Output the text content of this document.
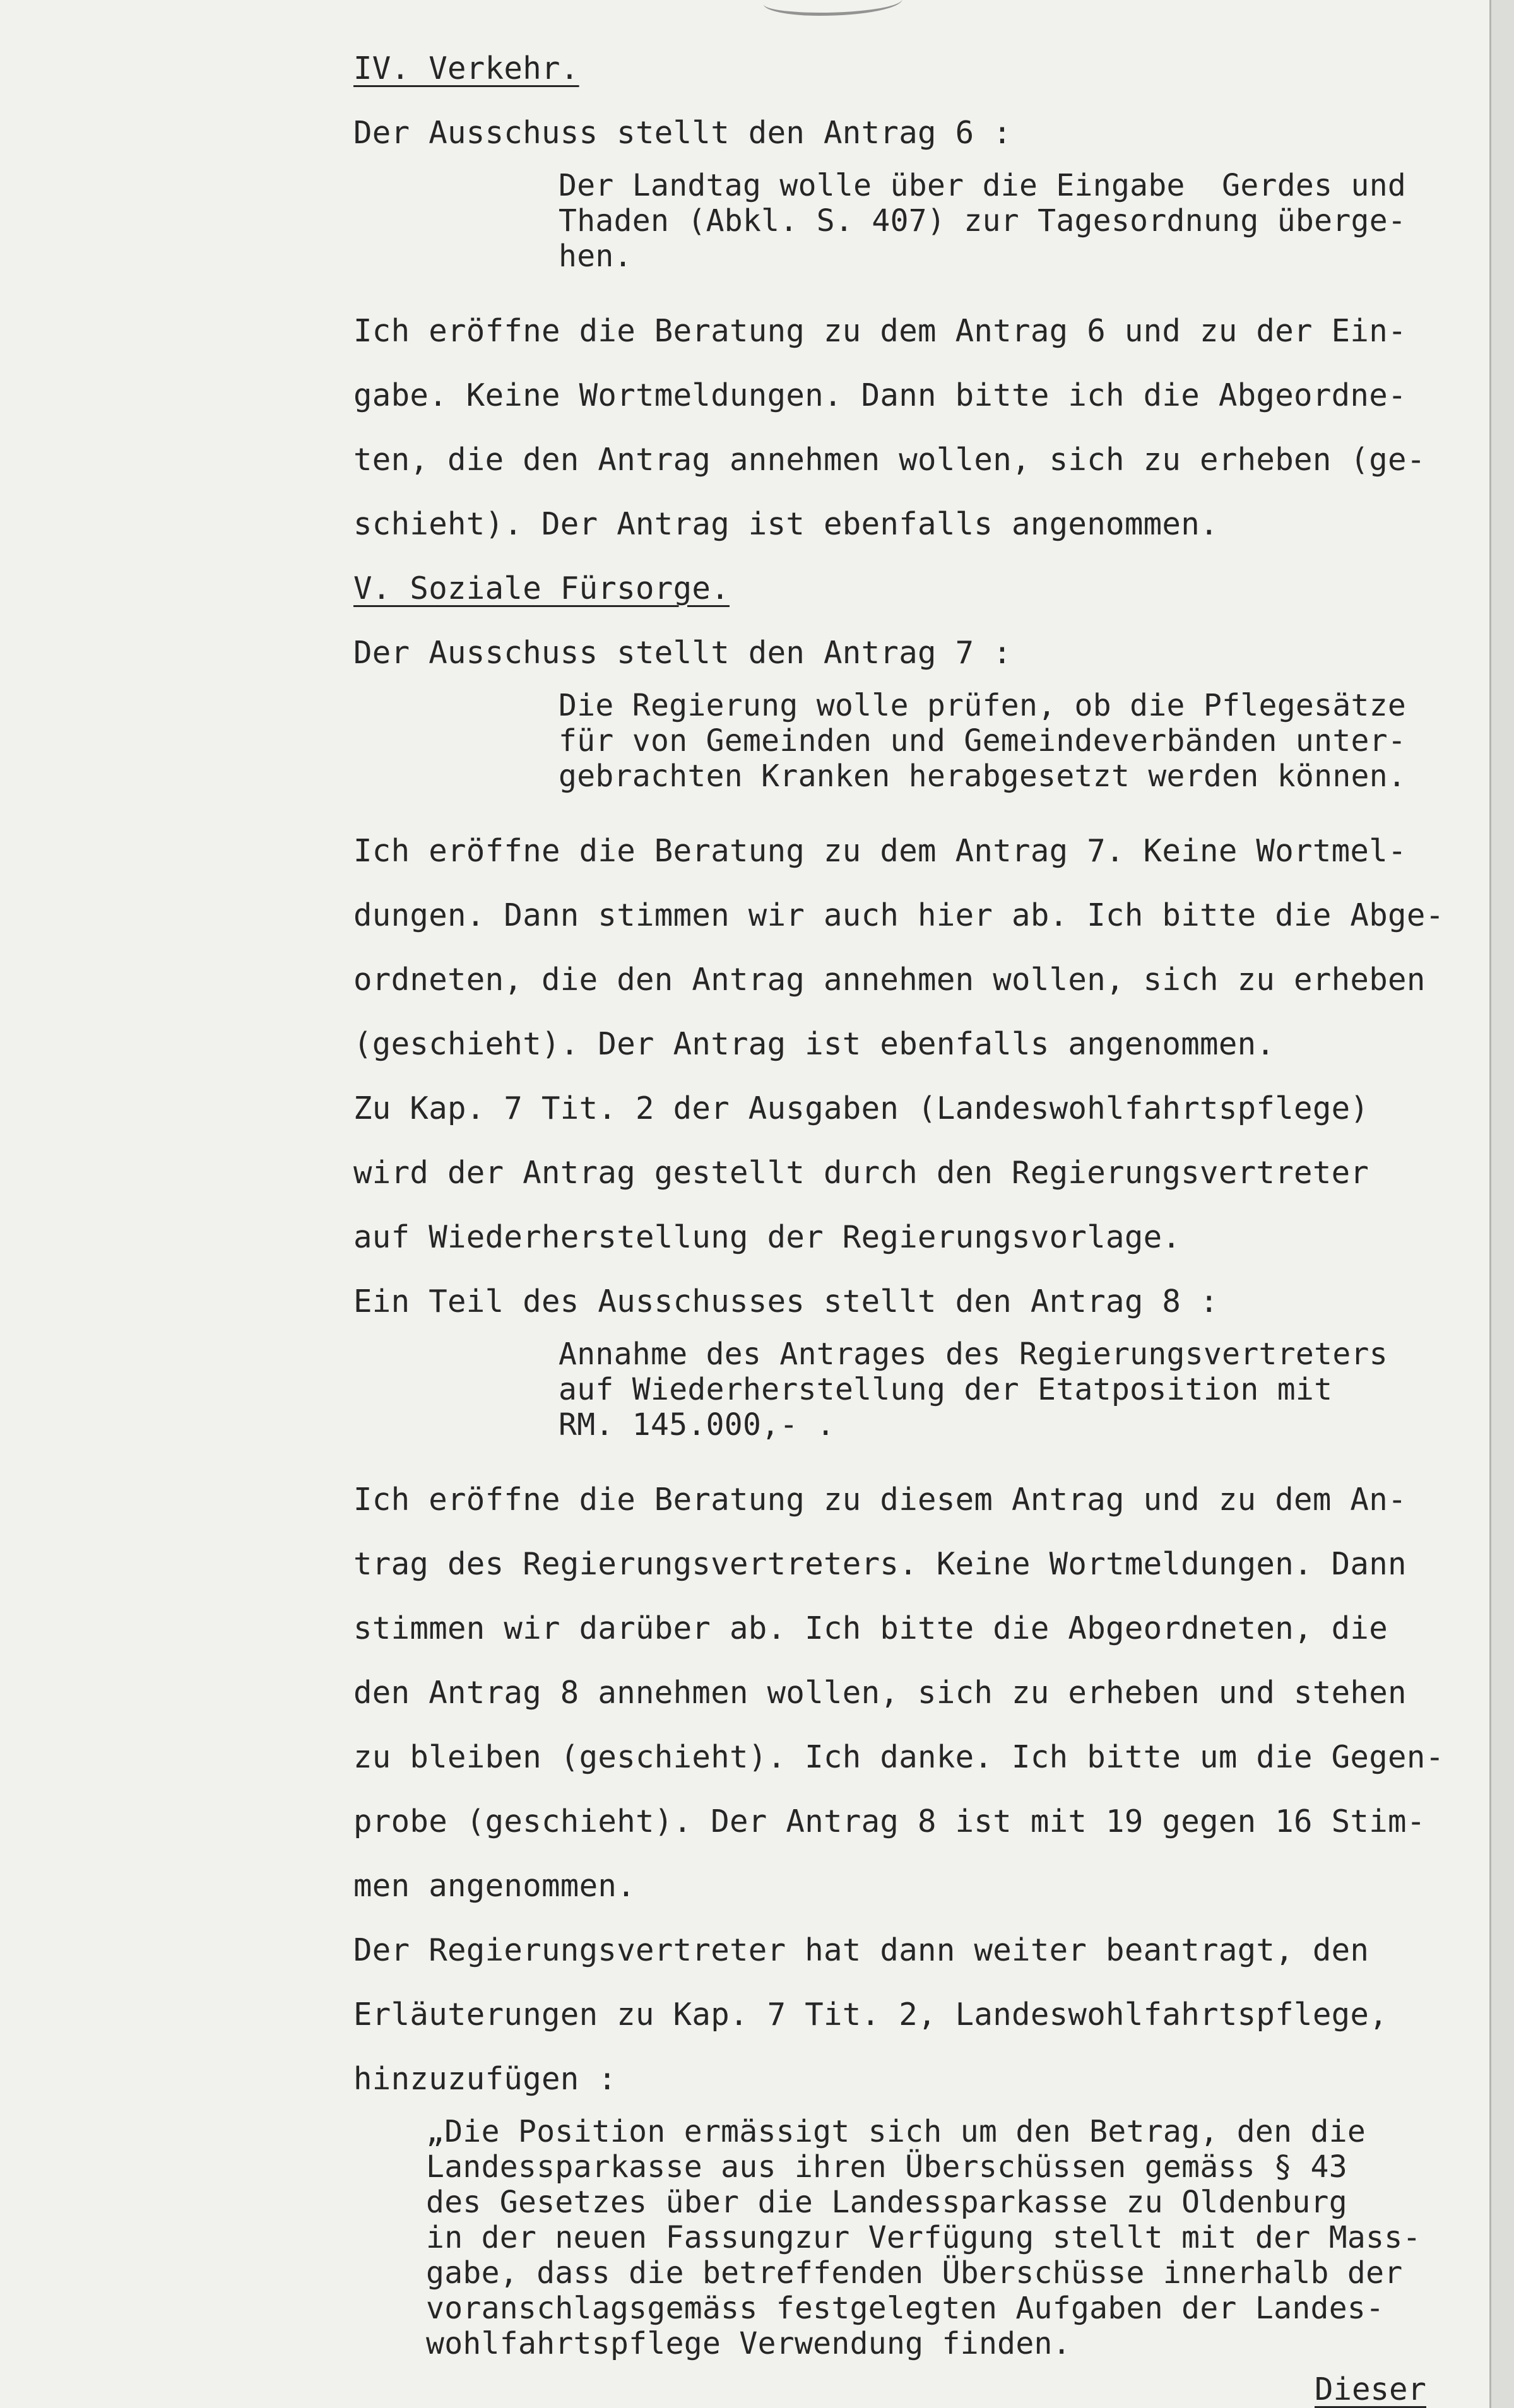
IV. Verkehr.
Der Ausschuss stellt den Antrag 6 :
Der Landtag wolle über die Eingabe  Gerdes und
Thaden (Abkl. S. 407) zur Tagesordnung überge-
hen.
Ich eröffne die Beratung zu dem Antrag 6 und zu der Ein-
gabe. Keine Wortmeldungen. Dann bitte ich die Abgeordne-
ten, die den Antrag annehmen wollen, sich zu erheben (ge-
schieht). Der Antrag ist ebenfalls angenommen.
V. Soziale Fürsorge.
Der Ausschuss stellt den Antrag 7 :
Die Regierung wolle prüfen, ob die Pflegesätze
für von Gemeinden und Gemeindeverbänden unter-
gebrachten Kranken herabgesetzt werden können.
Ich eröffne die Beratung zu dem Antrag 7. Keine Wortmel-
dungen. Dann stimmen wir auch hier ab. Ich bitte die Abge-
ordneten, die den Antrag annehmen wollen, sich zu erheben
(geschieht). Der Antrag ist ebenfalls angenommen.
Zu Kap. 7 Tit. 2 der Ausgaben (Landeswohlfahrtspflege)
wird der Antrag gestellt durch den Regierungsvertreter
auf Wiederherstellung der Regierungsvorlage.
Ein Teil des Ausschusses stellt den Antrag 8 :
Annahme des Antrages des Regierungsvertreters
auf Wiederherstellung der Etatposition mit
RM. 145.000,- .
Ich eröffne die Beratung zu diesem Antrag und zu dem An-
trag des Regierungsvertreters. Keine Wortmeldungen. Dann
stimmen wir darüber ab. Ich bitte die Abgeordneten, die
den Antrag 8 annehmen wollen, sich zu erheben und stehen
zu bleiben (geschieht). Ich danke. Ich bitte um die Gegen-
probe (geschieht). Der Antrag 8 ist mit 19 gegen 16 Stim-
men angenommen.
Der Regierungsvertreter hat dann weiter beantragt, den
Erläuterungen zu Kap. 7 Tit. 2, Landeswohlfahrtspflege,
hinzuzufügen :
„Die Position ermässigt sich um den Betrag, den die
Landessparkasse aus ihren Überschüssen gemäss § 43
des Gesetzes über die Landessparkasse zu Oldenburg
in der neuen Fassungzur Verfügung stellt mit der Mass-
gabe, dass die betreffenden Überschüsse innerhalb der
voranschlagsgemäss festgelegten Aufgaben der Landes-
wohlfahrtspflege Verwendung finden.
Dieser
